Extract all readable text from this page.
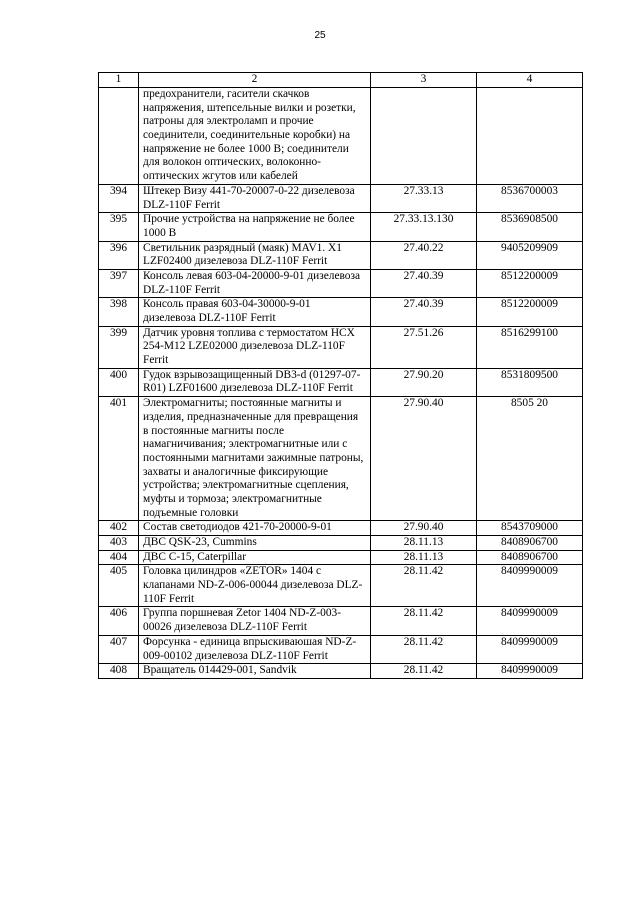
25
1	2	3	4
	предохранители, гасители скачков напряжения, штепсельные вилки и розетки, патроны для электроламп и прочие соединители, соединительные коробки) на напряжение не более 1000 В; соединители для волокон оптических, волоконно-оптических жгутов или кабелей		
394	Штекер Визу 441-70-20007-0-22 дизелевоза DLZ-110F Ferrit	27.33.13	8536700003
395	Прочие устройства на напряжение не более 1000 В	27.33.13.130	8536908500
396	Светильник разрядный (маяк) MAV1. X1 LZF02400 дизелевоза DLZ-110F Ferrit	27.40.22	9405209909
397	Консоль левая 603-04-20000-9-01 дизелевоза DLZ-110F Ferrit	27.40.39	8512200009
398	Консоль правая 603-04-30000-9-01 дизелевоза DLZ-110F Ferrit	27.40.39	8512200009
399	Датчик уровня топлива с термостатом HCX 254-M12 LZE02000 дизелевоза DLZ-110F Ferrit	27.51.26	8516299100
400	Гудок взрывозащищенный DB3-d (01297-07-R01) LZF01600 дизелевоза DLZ-110F Ferrit	27.90.20	8531809500
401	Электромагниты; постоянные магниты и изделия, предназначенные для превращения в постоянные магниты после намагничивания; электромагнитные или с постоянными магнитами зажимные патроны, захваты и аналогичные фиксирующие устройства; электромагнитные сцепления, муфты и тормоза; электромагнитные подъемные головки	27.90.40	8505 20
402	Состав светодиодов 421-70-20000-9-01	27.90.40	8543709000
403	ДВС QSK-23, Cummins	28.11.13	8408906700
404	ДВС C-15, Caterpillar	28.11.13	8408906700
405	Головка цилиндров «ZETOR» 1404 с клапанами ND-Z-006-00044 дизелевоза DLZ-110F Ferrit	28.11.42	8409990009
406	Группа поршневая Zetor 1404 ND-Z-003-00026 дизелевоза DLZ-110F Ferrit	28.11.42	8409990009
407	Форсунка - единица впрыскиваюшая ND-Z-009-00102 дизелевоза DLZ-110F Ferrit	28.11.42	8409990009
408	Вращатель 014429-001, Sandvik	28.11.42	8409990009
